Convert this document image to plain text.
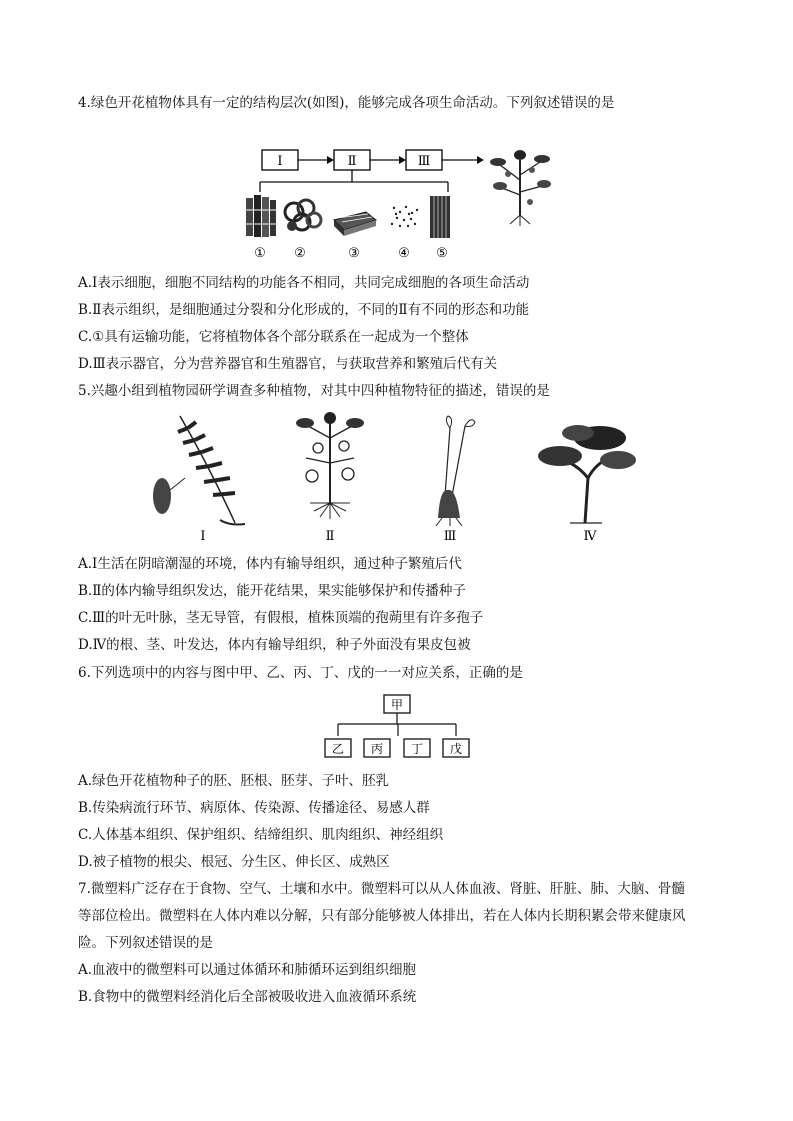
4.绿色开花植物体具有一定的结构层次(如图)，能够完成各项生命活动。下列叙述错误的是
Ⅰ	Ⅱ	Ⅲ
① ②	③	④ ⑤
A.Ⅰ表示细胞，细胞不同结构的功能各不相同，共同完成细胞的各项生命活动
B.Ⅱ表示组织，是细胞通过分裂和分化形成的，不同的Ⅱ有不同的形态和功能
C.①具有运输功能，它将植物体各个部分联系在一起成为一个整体
D.Ⅲ表示器官，分为营养器官和生殖器官，与获取营养和繁殖后代有关
5.兴趣小组到植物园研学调查多种植物，对其中四种植物特征的描述，错误的是
Ⅰ	Ⅱ	Ⅲ	Ⅳ
A.Ⅰ生活在阴暗潮湿的环境，体内有输导组织，通过种子繁殖后代
B.Ⅱ的体内输导组织发达，能开花结果，果实能够保护和传播种子
C.Ⅲ的叶无叶脉，茎无导管，有假根，植株顶端的孢蒴里有许多孢子
D.Ⅳ的根、茎、叶发达，体内有输导组织，种子外面没有果皮包被
6.下列选项中的内容与图中甲、乙、丙、丁、戊的一一对应关系，正确的是
甲
乙 丙 丁 戊
A.绿色开花植物种子的胚、胚根、胚芽、子叶、胚乳
B.传染病流行环节、病原体、传染源、传播途径、易感人群
C.人体基本组织、保护组织、结缔组织、肌肉组织、神经组织
D.被子植物的根尖、根冠、分生区、伸长区、成熟区
7.微塑料广泛存在于食物、空气、土壤和水中。微塑料可以从人体血液、肾脏、肝脏、肺、大脑、骨髓
等部位检出。微塑料在人体内难以分解，只有部分能够被人体排出，若在人体内长期积累会带来健康风
险。下列叙述错误的是
A.血液中的微塑料可以通过体循环和肺循环运到组织细胞
B.食物中的微塑料经消化后全部被吸收进入血液循环系统
